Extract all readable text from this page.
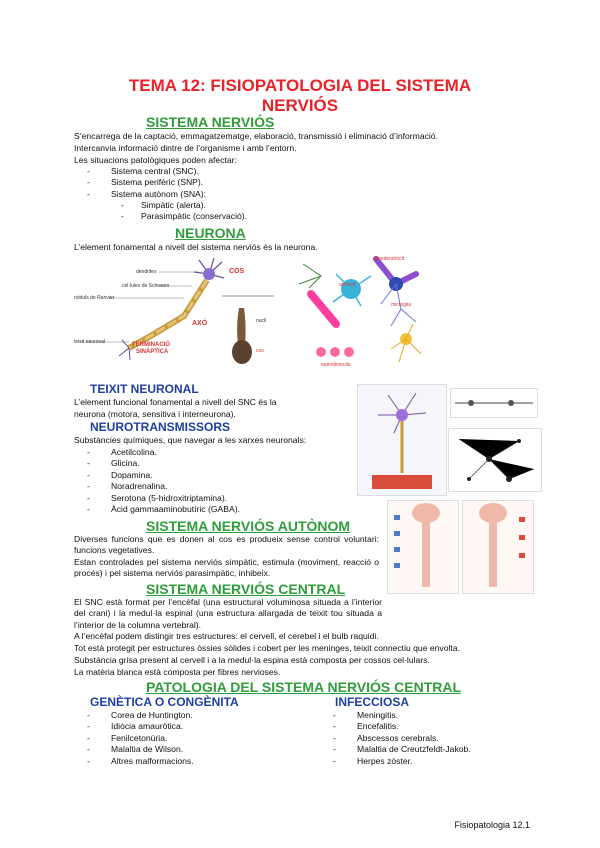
TEMA 12: FISIOPATOLOGIA DEL SISTEMA
NERVIÓS
SISTEMA NERVIÓS
S’encarrega de la captació, emmagatzematge, elaboració, transmissió i eliminació d’informació.
Intercanvia informació dintre de l’organisme i amb l’entorn.
Les situacions patològiques poden afectar:
- Sistema central (SNC).
- Sistema perifèric (SNP).
- Sistema autònom (SNA):
- Simpàtic (alerta).
- Parasimpàtic (conservació).
NEURONA
L’element fonamental a nivell del sistema nerviós és la neurona.
dendrites
cèl·lules de Schwann
nòduls de Ranvier
teixit neuronal
COS
AXÓ
TERMINACIÓ
SINÀPTICA
nucli
cos
astròcit
oligodendròcit
microglia
ependimocits
TEIXIT NEURONAL
L’element funcional fonamental a nivell del SNC és la
neurona (motora, sensitiva i interneurona).
NEUROTRANSMISSORS
Substàncies químiques, que navegar a les xarxes neuronals:
- Acetilcolina.
- Glicina.
- Dopamina.
- Noradrenalina.
- Serotona (5-hidroxitriptamina).
- Àcid gammaaminobutíric (GABA).
SISTEMA NERVIÓS AUTÒNOM
Diverses funcions que es donen al cos es produeix sense control voluntari: funcions vegetatives.
Estan controlades pel sistema nerviós simpàtic, estimula (moviment, reacció o procés) i pel sistema nerviós parasimpàtic, inhibeix.
SISTEMA NERVIÓS CENTRAL
El SNC està format per l’encèfal (una estructural voluminosa situada a l’interior del crani) i la medul·la espinal (una estructura allargada de teixit tou situada a l’interior de la columna vertebral).
A l’encèfal podem distingir tres estructures: el cervell, el cerebel i el bulb raquidi.
Tot està protegit per estructures òssies sòlides i cobert per les meninges, teixit connectiu que envolta.
Substància grisa present al cervell i a la medul·la espina està composta per cossos cel·lulars.
La matèria blanca està composta per fibres nervioses.
PATOLOGIA DEL SISTEMA NERVIÓS CENTRAL
GENÈTICA O CONGÈNITA
- Corea de Huntington.
- Idiòcia amauròtica.
- Fenilcetonúria.
- Malaltia de Wilson.
- Altres malformacions.
INFECCIOSA
- Meningitis.
- Encefalitis.
- Abscessos cerebrals.
- Malaltia de Creutzfeldt-Jakob.
- Herpes zòster.
Fisiopatologia 12.1
